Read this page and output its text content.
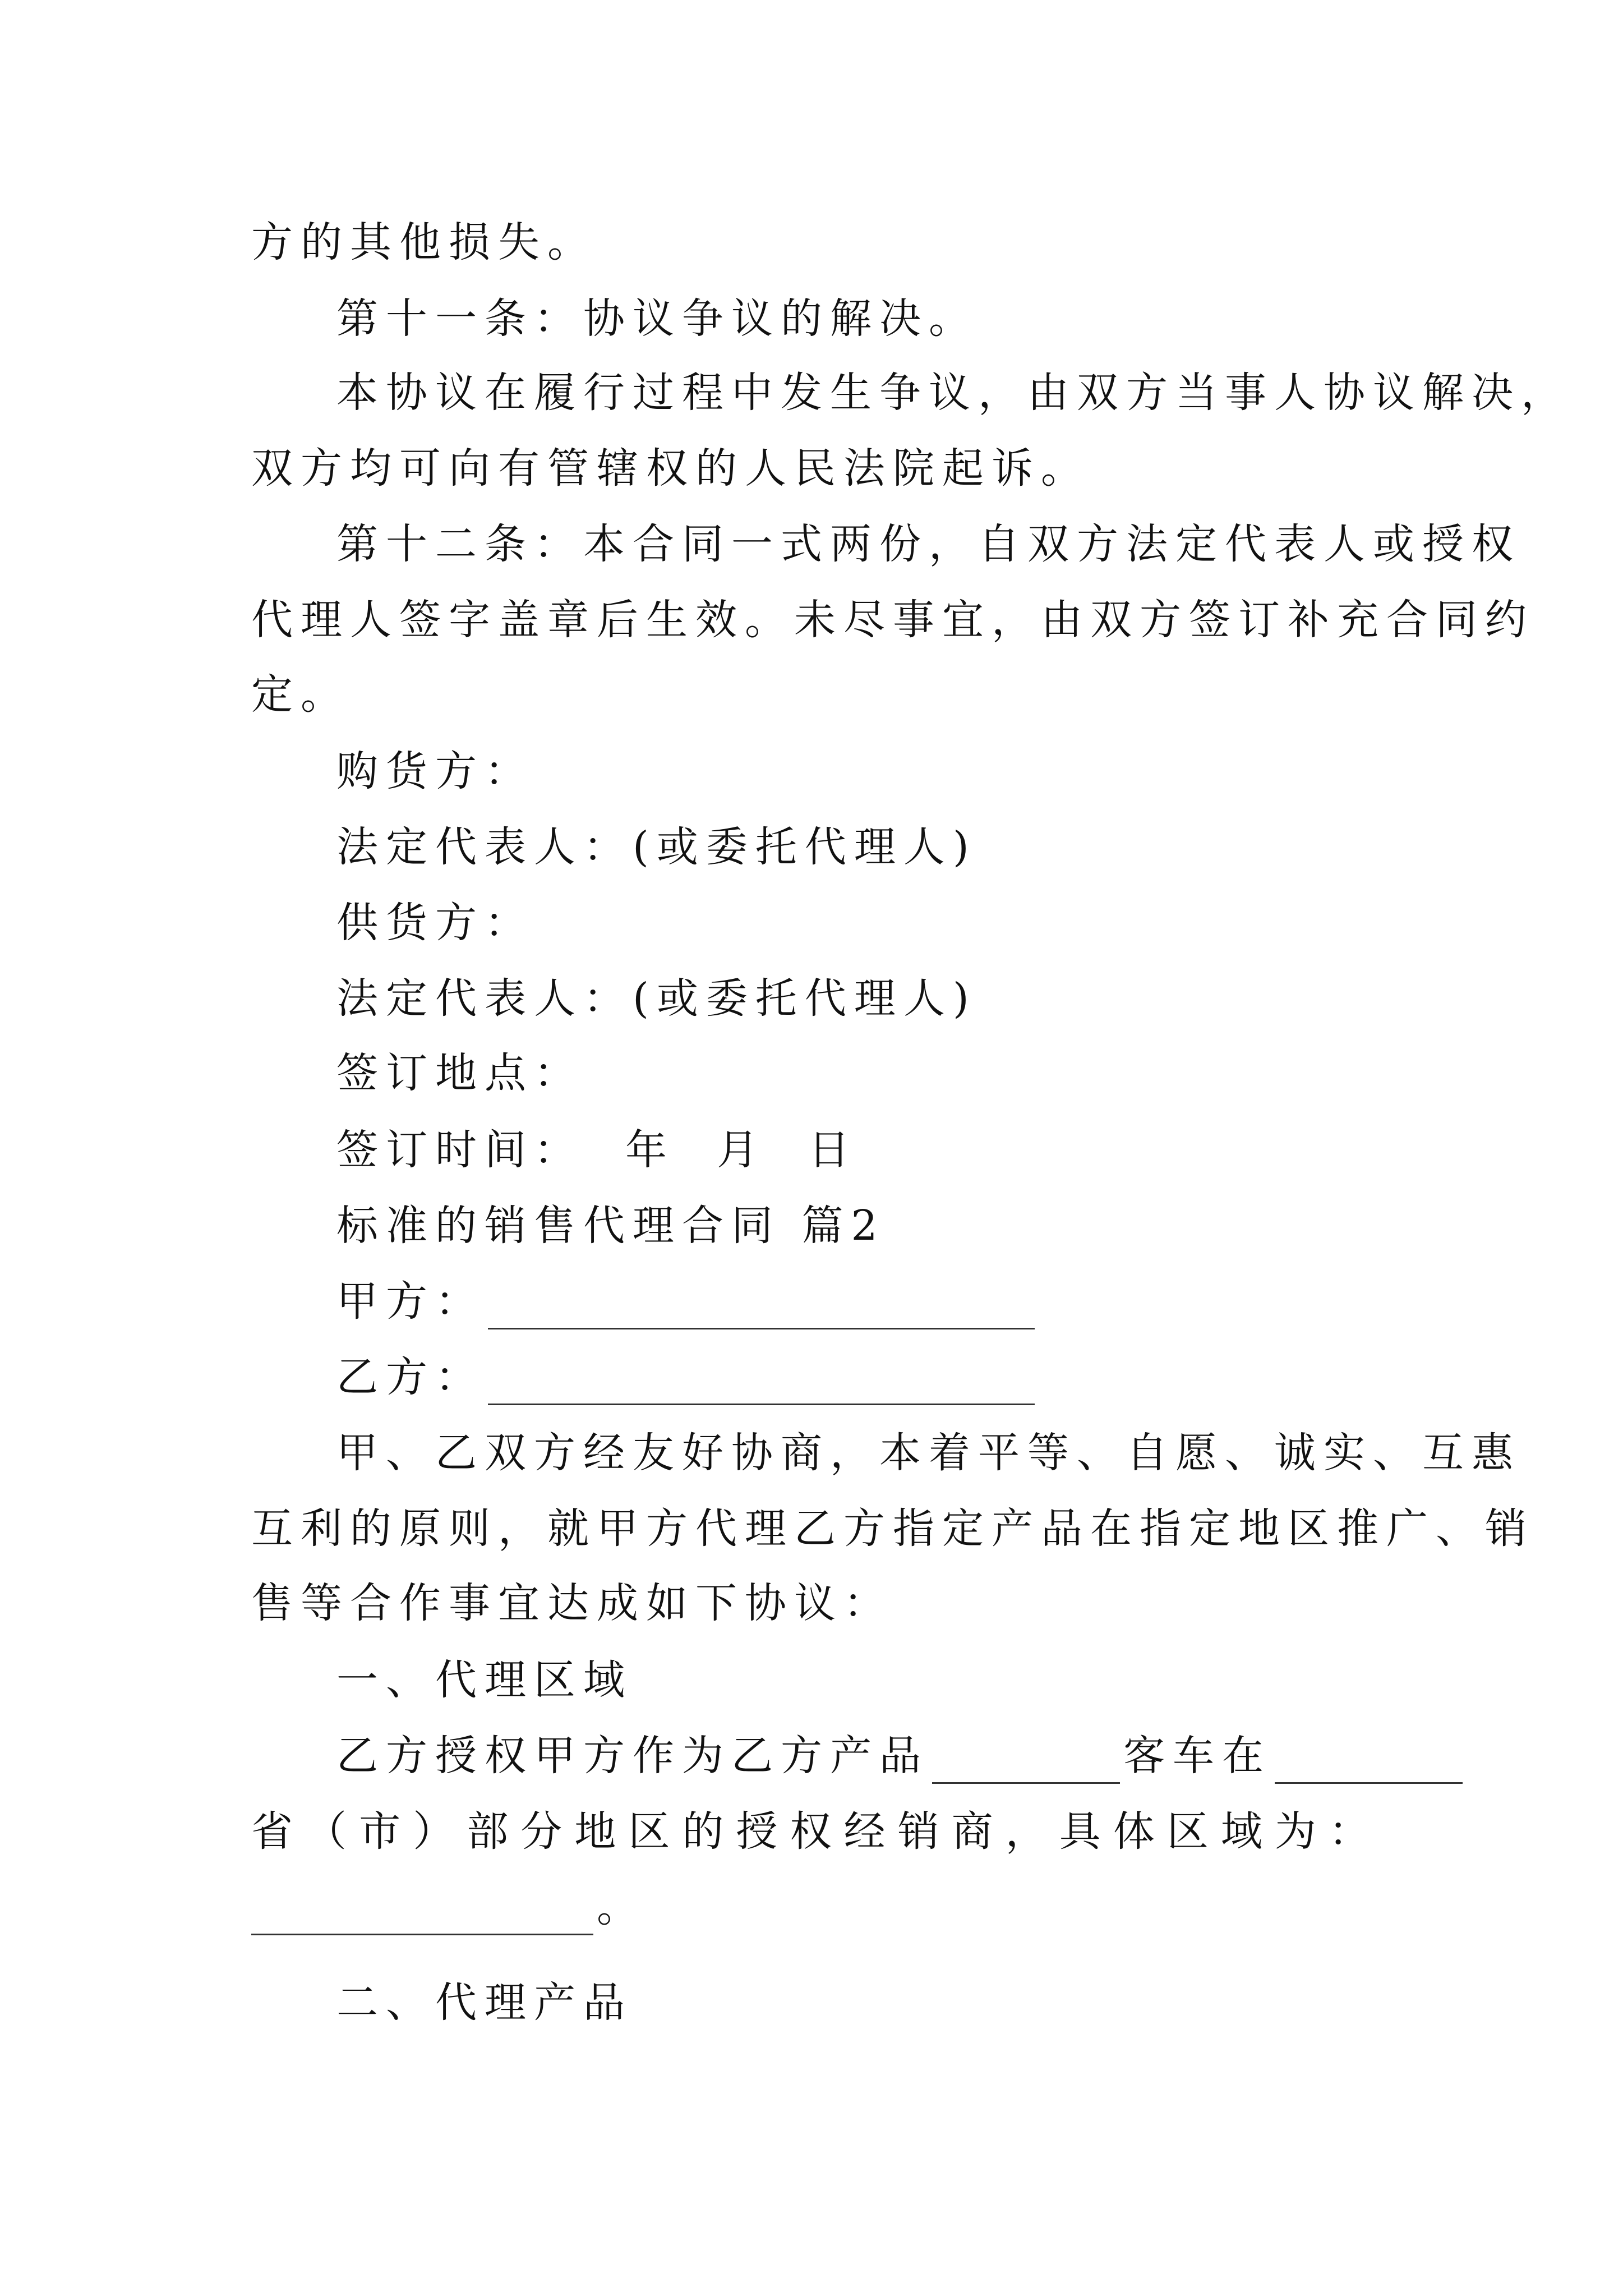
方的其他损失。
第十一条：协议争议的解决。
本协议在履行过程中发生争议，由双方当事人协议解决，
双方均可向有管辖权的人民法院起诉。
第十二条：本合同一式两份，自双方法定代表人或授权
代理人签字盖章后生效。未尽事宜，由双方签订补充合同约
定。
购货方：
法定代表人：(或委托代理人)
供货方：
法定代表人：(或委托代理人)
签订地点：
签订时间：  年  月  日
标准的销售代理合同 篇2
甲方：
乙方：
甲、乙双方经友好协商，本着平等、自愿、诚实、互惠
互利的原则，就甲方代理乙方指定产品在指定地区推广、销
售等合作事宜达成如下协议：
一、代理区域
乙方授权甲方作为乙方产品	客车在
省 （ 市 ） 部 分 地 区 的 授 权 经 销 商 ， 具 体 区 域 为 ：
。
二、代理产品
